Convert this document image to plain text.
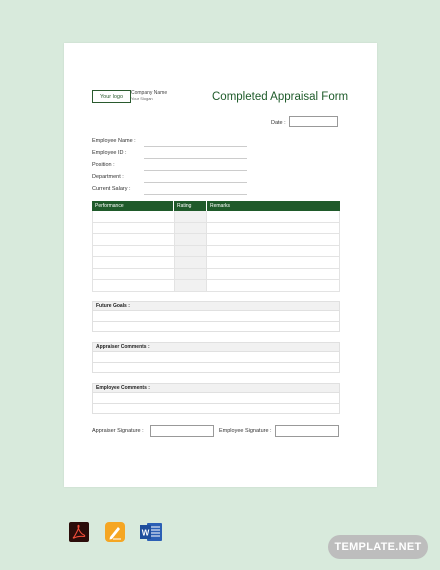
Your logo
Company Name
Your Slogan	Completed Appraisal Form
Date :
Employee Name :
Employee ID :
Position :
Department :
Current Salary :
Performance	Rating	Remarks
Future Goals :
Appraiser Comments :
Employee Comments :
Appraiser Signature :	Employee Signature :
W
TEMPLATE.NET
